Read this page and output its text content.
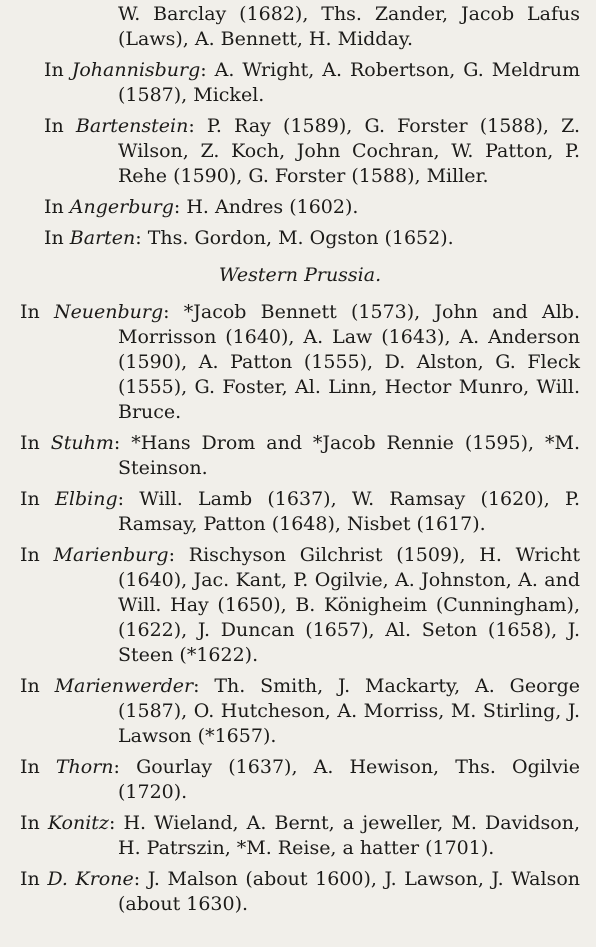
W. Barclay (1682), Ths. Zander, Jacob Lafus (Laws), A. Bennett, H. Midday.

In Johannisburg: A. Wright, A. Robertson, G. Meldrum (1587), Mickel.

In Bartenstein: P. Ray (1589), G. Forster (1588), Z. Wilson, Z. Koch, John Cochran, W. Patton, P. Rehe (1590), G. Forster (1588), Miller.

In Angerburg: H. Andres (1602).

In Barten: Ths. Gordon, M. Ogston (1652).

Western Prussia.

In Neuenburg: *Jacob Bennett (1573), John and Alb. Morrisson (1640), A. Law (1643), A. Anderson (1590), A. Patton (1555), D. Alston, G. Fleck (1555), G. Foster, Al. Linn, Hector Munro, Will. Bruce.

In Stuhm: *Hans Drom and *Jacob Rennie (1595), *M. Steinson.

In Elbing: Will. Lamb (1637), W. Ramsay (1620), P. Ramsay, Patton (1648), Nisbet (1617).

In Marienburg: Rischyson Gilchrist (1509), H. Wricht (1640), Jac. Kant, P. Ogilvie, A. Johnston, A. and Will. Hay (1650), B. Königheim (Cunningham), (1622), J. Duncan (1657), Al. Seton (1658), J. Steen (*1622).

In Marienwerder: Th. Smith, J. Mackarty, A. George (1587), O. Hutcheson, A. Morriss, M. Stirling, J. Lawson (*1657).

In Thorn: Gourlay (1637), A. Hewison, Ths. Ogilvie (1720).

In Konitz: H. Wieland, A. Bernt, a jeweller, M. Davidson, H. Patrszin, *M. Reise, a hatter (1701).

In D. Krone: J. Malson (about 1600), J. Lawson, J. Walson (about 1630).
